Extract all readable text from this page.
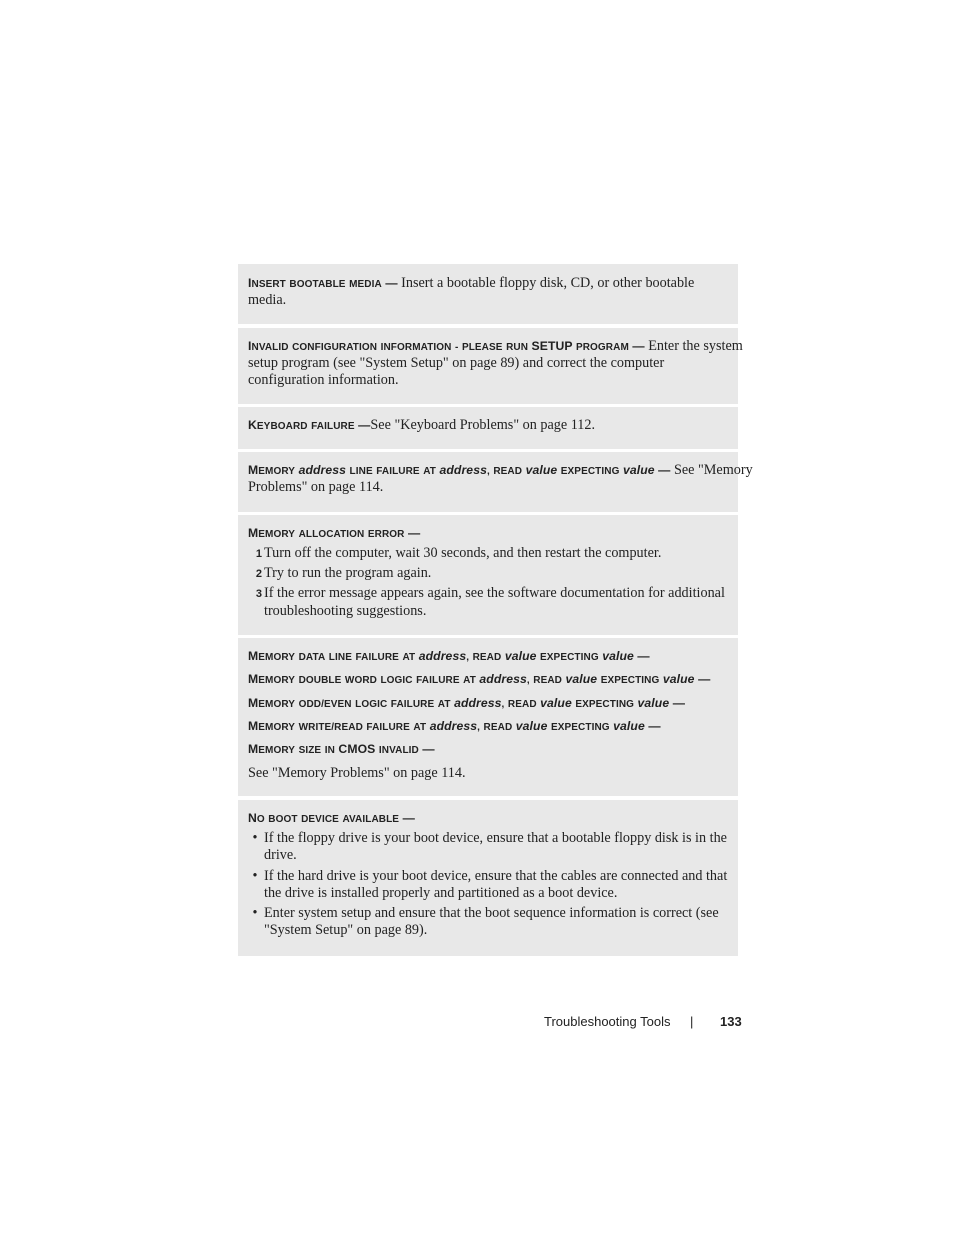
INSERT BOOTABLE MEDIA — Insert a bootable floppy disk, CD, or other bootable
media.
INVALID CONFIGURATION INFORMATION - PLEASE RUN SETUP PROGRAM — Enter the system
setup program (see "System Setup" on page 89) and correct the computer
configuration information.
KEYBOARD FAILURE —See "Keyboard Problems" on page 112.
MEMORY address LINE FAILURE AT address, READ value EXPECTING value — See "Memory
Problems" on page 114.
MEMORY ALLOCATION ERROR —
1 Turn off the computer, wait 30 seconds, and then restart the computer.
2 Try to run the program again.
3 If the error message appears again, see the software documentation for additional
troubleshooting suggestions.
MEMORY DATA LINE FAILURE AT address, READ value EXPECTING value —
MEMORY DOUBLE WORD LOGIC FAILURE AT address, READ value EXPECTING value —
MEMORY ODD/EVEN LOGIC FAILURE AT address, READ value EXPECTING value —
MEMORY WRITE/READ FAILURE AT address, READ value EXPECTING value —
MEMORY SIZE IN CMOS INVALID —
See "Memory Problems" on page 114.
NO BOOT DEVICE AVAILABLE —
• If the floppy drive is your boot device, ensure that a bootable floppy disk is in the
drive.
• If the hard drive is your boot device, ensure that the cables are connected and that
the drive is installed properly and partitioned as a boot device.
• Enter system setup and ensure that the boot sequence information is correct (see
"System Setup" on page 89).
Troubleshooting Tools | 133
